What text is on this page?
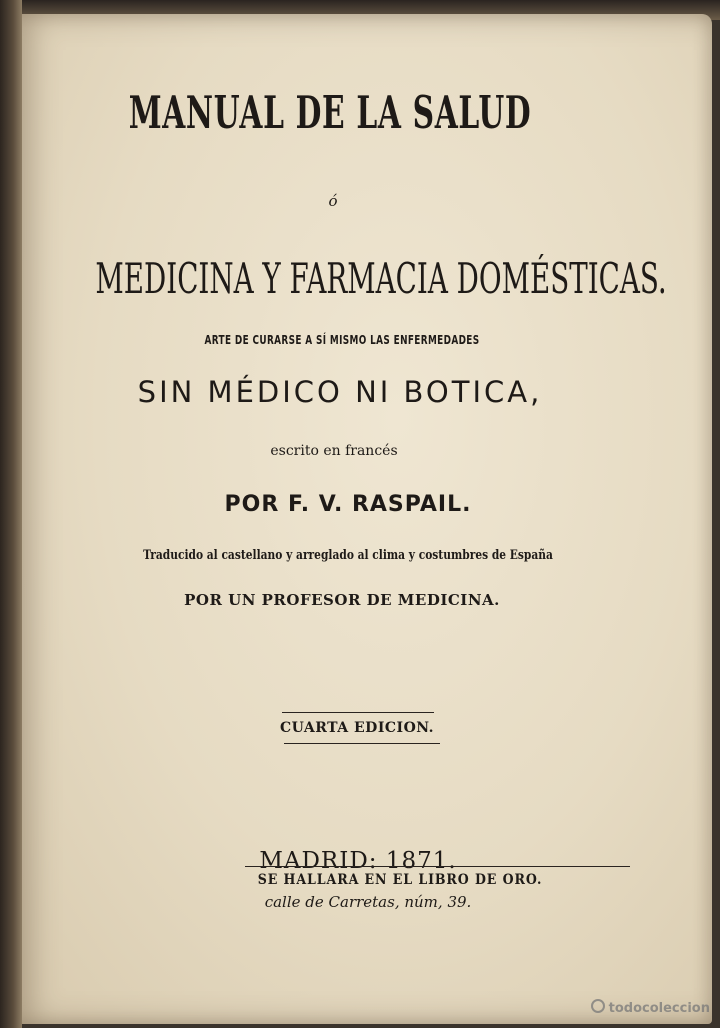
MANUAL DE LA SALUD
ó
MEDICINA Y FARMACIA DOMÉSTICAS.
ARTE DE CURARSE A SÍ MISMO LAS ENFERMEDADES
SIN MÉDICO NI BOTICA,
escrito en francés
POR F. V. RASPAIL.
Traducido al castellano y arreglado al clima y costumbres de España
POR UN PROFESOR DE MEDICINA.
CUARTA EDICION.
MADRID: 1871.
SE HALLARA EN EL LIBRO DE ORO.
calle de Carretas, núm, 39.
todocoleccion
